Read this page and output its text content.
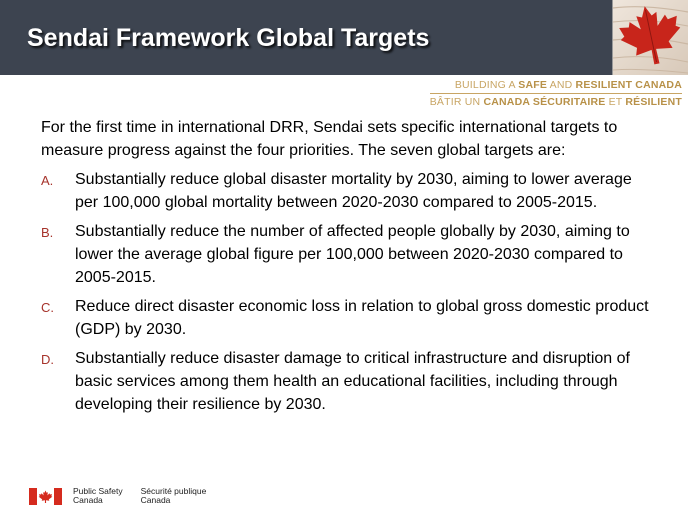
Sendai Framework Global Targets
BUILDING A SAFE AND RESILIENT CANADA
BÂTIR UN CANADA SÉCURITAIRE ET RÉSILIENT

For the first time in international DRR, Sendai sets specific international targets to measure progress against the four priorities. The seven global targets are:

A.	Substantially reduce global disaster mortality by 2030, aiming to lower average per 100,000 global mortality between 2020-2030 compared to 2005-2015.
B.	Substantially reduce the number of affected people globally by 2030, aiming to lower the average global figure per 100,000 between 2020-2030 compared to 2005-2015.
C.	Reduce direct disaster economic loss in relation to global gross domestic product (GDP) by 2030.
D.	Substantially reduce disaster damage to critical infrastructure and disruption of basic services among them health an educational facilities, including through developing their resilience by 2030.
Public Safety
Canada
Sécurité publique
Canada
